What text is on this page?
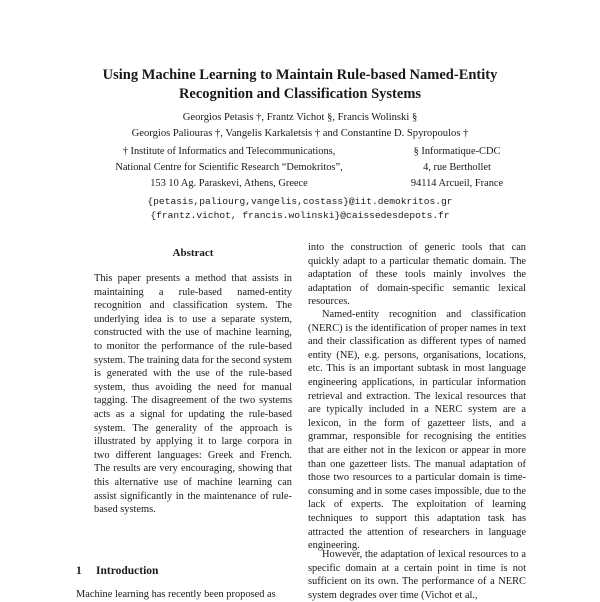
Using Machine Learning to Maintain Rule-based Named-Entity
Recognition and Classification Systems
Georgios Petasis †, Frantz Vichot §, Francis Wolinski §
Georgios Paliouras †, Vangelis Karkaletsis † and Constantine D. Spyropoulos †
† Institute of Informatics and Telecommunications,
National Centre for Scientific Research “Demokritos”,
153 10 Ag. Paraskevi, Athens, Greece
§ Informatique-CDC
4, rue Berthollet
94114 Arcueil, France
{petasis,paliourg,vangelis,costass}@iit.demokritos.gr
{frantz.vichot, francis.wolinski}@caissedesdepots.fr
Abstract
This paper presents a method that assists in maintaining a rule-based named-entity recognition and classification system. The underlying idea is to use a separate system, constructed with the use of machine learning, to monitor the performance of the rule-based system. The training data for the second system is generated with the use of the rule-based system, thus avoiding the need for manual tagging. The disagreement of the two systems acts as a signal for updating the rule-based system. The generality of the approach is illustrated by applying it to large corpora in two different languages: Greek and French. The results are very encouraging, showing that this alternative use of machine learning can assist significantly in the maintenance of rule-based systems.
1 Introduction
Machine learning has recently been proposed as
into the construction of generic tools that can quickly adapt to a particular thematic domain. The adaptation of these tools mainly involves the adaptation of domain-specific semantic lexical resources.
Named-entity recognition and classification (NERC) is the identification of proper names in text and their classification as different types of named entity (NE), e.g. persons, organisations, locations, etc. This is an important subtask in most language engineering applications, in particular information retrieval and extraction. The lexical resources that are typically included in a NERC system are a lexicon, in the form of gazetteer lists, and a grammar, responsible for recognising the entities that are either not in the lexicon or appear in more than one gazetteer lists. The manual adaptation of those two resources to a particular domain is time-consuming and in some cases impossible, due to the lack of experts. The exploitation of learning techniques to support this adaptation task has attracted the attention of researchers in language engineering.
However, the adaptation of lexical resources to a specific domain at a certain point in time is not sufficient on its own. The performance of a NERC system degrades over time (Vichot et al.,
